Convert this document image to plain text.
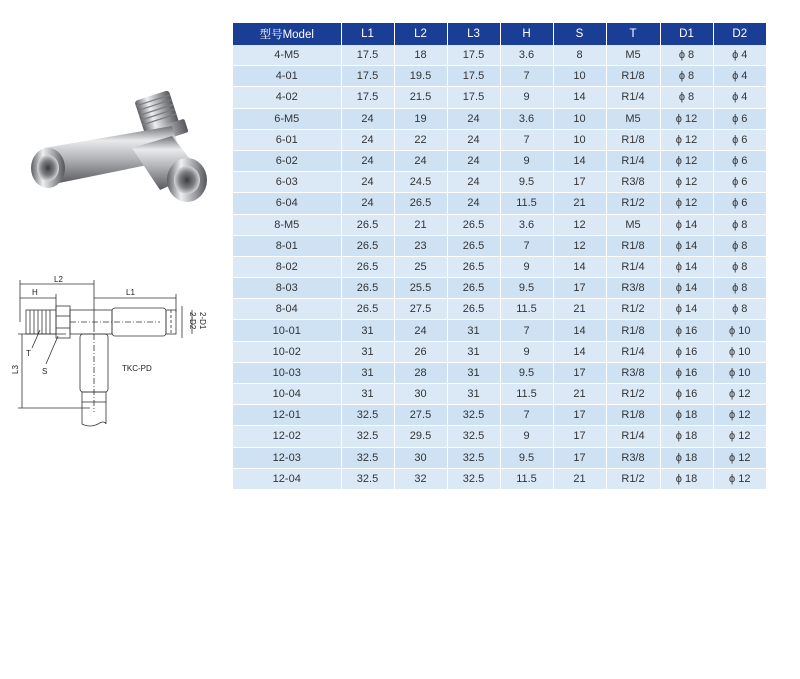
L2
H	L1
L3
T
S
2-D2 2-D1
TKC-PD
型号Model	L1	L2	L3	H	S	T	D1	D2
4-M5	17.5	18	17.5	3.6	8	M5	ϕ 8	ϕ 4
4-01	17.5	19.5	17.5	7	10	R1/8	ϕ 8	ϕ 4
4-02	17.5	21.5	17.5	9	14	R1/4	ϕ 8	ϕ 4
6-M5	24	19	24	3.6	10	M5	ϕ 12	ϕ 6
6-01	24	22	24	7	10	R1/8	ϕ 12	ϕ 6
6-02	24	24	24	9	14	R1/4	ϕ 12	ϕ 6
6-03	24	24.5	24	9.5	17	R3/8	ϕ 12	ϕ 6
6-04	24	26.5	24	11.5	21	R1/2	ϕ 12	ϕ 6
8-M5	26.5	21	26.5	3.6	12	M5	ϕ 14	ϕ 8
8-01	26.5	23	26.5	7	12	R1/8	ϕ 14	ϕ 8
8-02	26.5	25	26.5	9	14	R1/4	ϕ 14	ϕ 8
8-03	26.5	25.5	26.5	9.5	17	R3/8	ϕ 14	ϕ 8
8-04	26.5	27.5	26.5	11.5	21	R1/2	ϕ 14	ϕ 8
10-01	31	24	31	7	14	R1/8	ϕ 16	ϕ 10
10-02	31	26	31	9	14	R1/4	ϕ 16	ϕ 10
10-03	31	28	31	9.5	17	R3/8	ϕ 16	ϕ 10
10-04	31	30	31	11.5	21	R1/2	ϕ 16	ϕ 12
12-01	32.5	27.5	32.5	7	17	R1/8	ϕ 18	ϕ 12
12-02	32.5	29.5	32.5	9	17	R1/4	ϕ 18	ϕ 12
12-03	32.5	30	32.5	9.5	17	R3/8	ϕ 18	ϕ 12
12-04	32.5	32	32.5	11.5	21	R1/2	ϕ 18	ϕ 12
